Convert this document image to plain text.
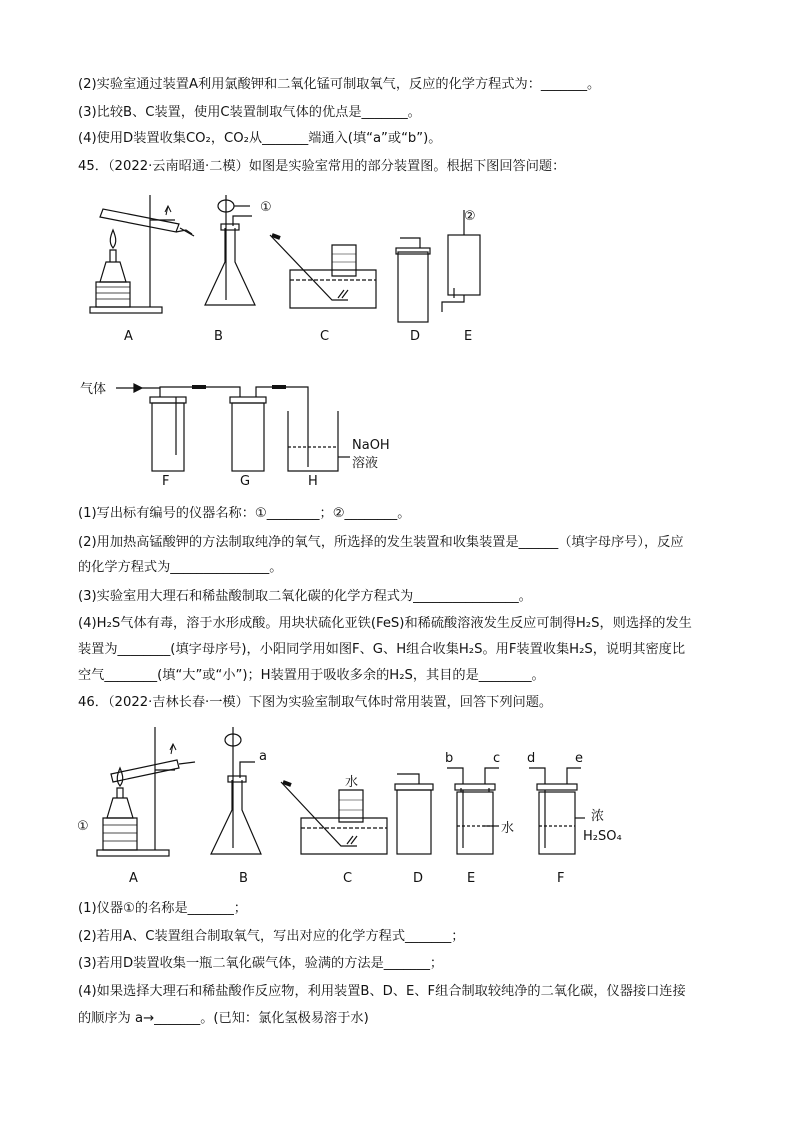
(2)实验室通过装置A利用氯酸钾和二氧化锰可制取氧气，反应的化学方程式为：_______。
(3)比较B、C装置，使用C装置制取气体的优点是_______。
(4)使用D装置收集CO₂，CO₂从_______端通入(填“a”或“b”)。
45．（2022·云南昭通·二模）如图是实验室常用的部分装置图。根据下图回答问题：
①
②
A	B	C	D	E
气体
NaOH
溶液
F	G	H
(1)写出标有编号的仪器名称：①________；②________。
(2)用加热高锰酸钾的方法制取纯净的氧气，所选择的发生装置和收集装置是______（填字母序号），反应
的化学方程式为_______________。
(3)实验室用大理石和稀盐酸制取二氧化碳的化学方程式为________________。
(4)H₂S气体有毒，溶于水形成酸。用块状硫化亚铁(FeS)和稀硫酸溶液发生反应可制得H₂S，则选择的发生
装置为________(填字母序号)，小阳同学用如图F、G、H组合收集H₂S。用F装置收集H₂S，说明其密度比
空气________(填“大”或“小”)；H装置用于吸收多余的H₂S，其目的是________。
46．（2022·吉林长春·一模）下图为实验室制取气体时常用装置，回答下列问题。
①
a
水
b	c
水
d	e
浓
H₂SO₄
A	B	C	D	E	F
(1)仪器①的名称是_______；
(2)若用A、C装置组合制取氧气，写出对应的化学方程式_______；
(3)若用D装置收集一瓶二氧化碳气体，验满的方法是_______；
(4)如果选择大理石和稀盐酸作反应物，利用装置B、D、E、F组合制取较纯净的二氧化碳，仪器接口连接
的顺序为 a→_______。(已知：氯化氢极易溶于水)
